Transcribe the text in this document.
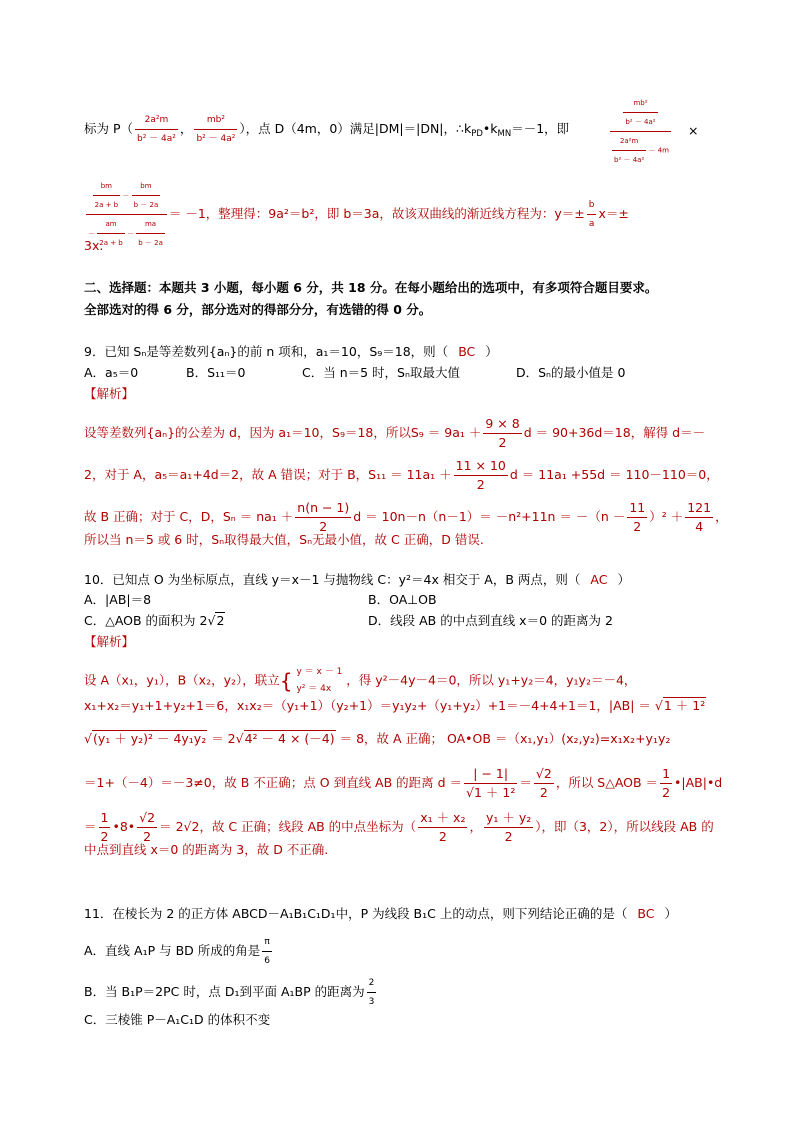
标为 $P( \frac{\text{2a²m}}{\text{b² － 4a²}}$ ， $\frac{\text{mb²}}{\text{b² － 4a²}}$ ），点 D（4m，0）满足|DM|＝|DN|，$\therefore k_{PD}•k_{MN}=-1$，即	$\frac{\frac{\text{mb²}}{\text{b² － 4a²}}}{\frac{\text{2a²m}}{\text{b² － 4a²}} - 4m}$ ×
$\frac{\frac{bm}{2a + b} - \frac{bm}{b - 2a}}{- \frac{am}{2a + b} - \frac{ma}{b - 2a}} = -1$，整理得：9a²＝b²，即 b＝3a，故该双曲线的渐近线方程为：$y=\pm \frac{b}{a} x=\pm$
3x.
二、选择题：本题共 3 小题，每小题 6 分，共 18 分。在每小题给出的选项中，有多项符合题目要求。
全部选对的得 6 分，部分选对的得部分分，有选错的得 0 分。
9．已知 Sₙ是等差数列{aₙ}的前 n 项和，a₁＝10，S₉＝18，则（ BC ）
A．a₅＝0	B．S₁₁＝0	C．当 n＝5 时，Sₙ取最大值	D．Sₙ的最小值是 0
【解析】
设等差数列{aₙ}的公差为 d，因为 a₁＝10，S₉＝18，所以$S_9 = 9a_1 + \frac{9 \times 8}{2}$ d ＝ 90+36d＝18，解得 d＝－
2，对于 A，a₅＝a₁+4d＝2，故 A 错误；对于 B，$S_{11} = 11a_1 + \frac{11 \times 10}{2}$ d ＝ 11a₁ +55d ＝ 110－110＝0，
故 B 正确；对于 C，D，$S_n = na_1 + \frac{n(n - 1)}{2}$ $d = 10n-n(n-1)= -n^2+11n = -(n - \frac{11}{2} )^2 + \frac{121}{4}$ ，
所以当 n＝5 或 6 时，Sₙ取得最大值，Sₙ无最小值，故 C 正确，D 错误.
10．已知点 O 为坐标原点，直线 y＝x－1 与抛物线 C：y²＝4x 相交于 A，B 两点，则（ AC ）
A．|AB|＝8	B．OA⊥OB
C．△AOB 的面积为 2√2	D．线段 AB 的中点到直线 x＝0 的距离为 2
【解析】
设 A（x₁，y₁），B（x₂，y₂），联立{ y ＝ x － 1
y² ＝ 4x
，得 y²－4y－4＝0，所以 y₁+y₂＝4，y₁y₂＝－4，
x₁+x₂＝y₁+1+y₂+1＝6，x₁x₂＝（y₁+1）（y₂+1）＝y₁y₂+（y₁+y₂）+1＝－4+4+1＝1，|AB| ＝ √1 ＋ 1²
√(y₁ ＋ y₂)² － 4y₁y₂ ＝ 2√4² － 4 × (－4) ＝ 8，故 A 正确； OA•OB ＝（x₁,y₁）(x₂,y₂)=x₁x₂+y₁y₂
＝1+（－4）＝－3≠0，故 B 不正确；点 O 到直线 AB 的距离 $d = \frac{| - 1|}{\text{√1 ＋ 1²}} = \frac{√2}{2}$ ，所以 S△AOB ＝ $\frac{1}{2}$ •|AB|•d
＝ $\frac{1}{2}$ •8• $\frac{√2}{2} = 2√2$，故 C 正确；线段 AB 的中点坐标为（ $\frac{\text{x₁ ＋ x₂}}{2}$ ， $\frac{\text{y₁ ＋ y₂}}{2}$ ），即（3，2），所以线段 AB 的
中点到直线 x＝0 的距离为 3，故 D 不正确.
11．在棱长为 2 的正方体 ABCD－A₁B₁C₁D₁中，P 为线段 B₁C 上的动点，则下列结论正确的是（ BC ）
A．直线 A₁P 与 BD 所成的角是 $\frac{\pi}{6}$
B．当 B₁P＝2PC 时，点 D₁到平面 A₁BP 的距离为 $\frac{2}{3}$
C．三棱锥 P－A₁C₁D 的体积不变
